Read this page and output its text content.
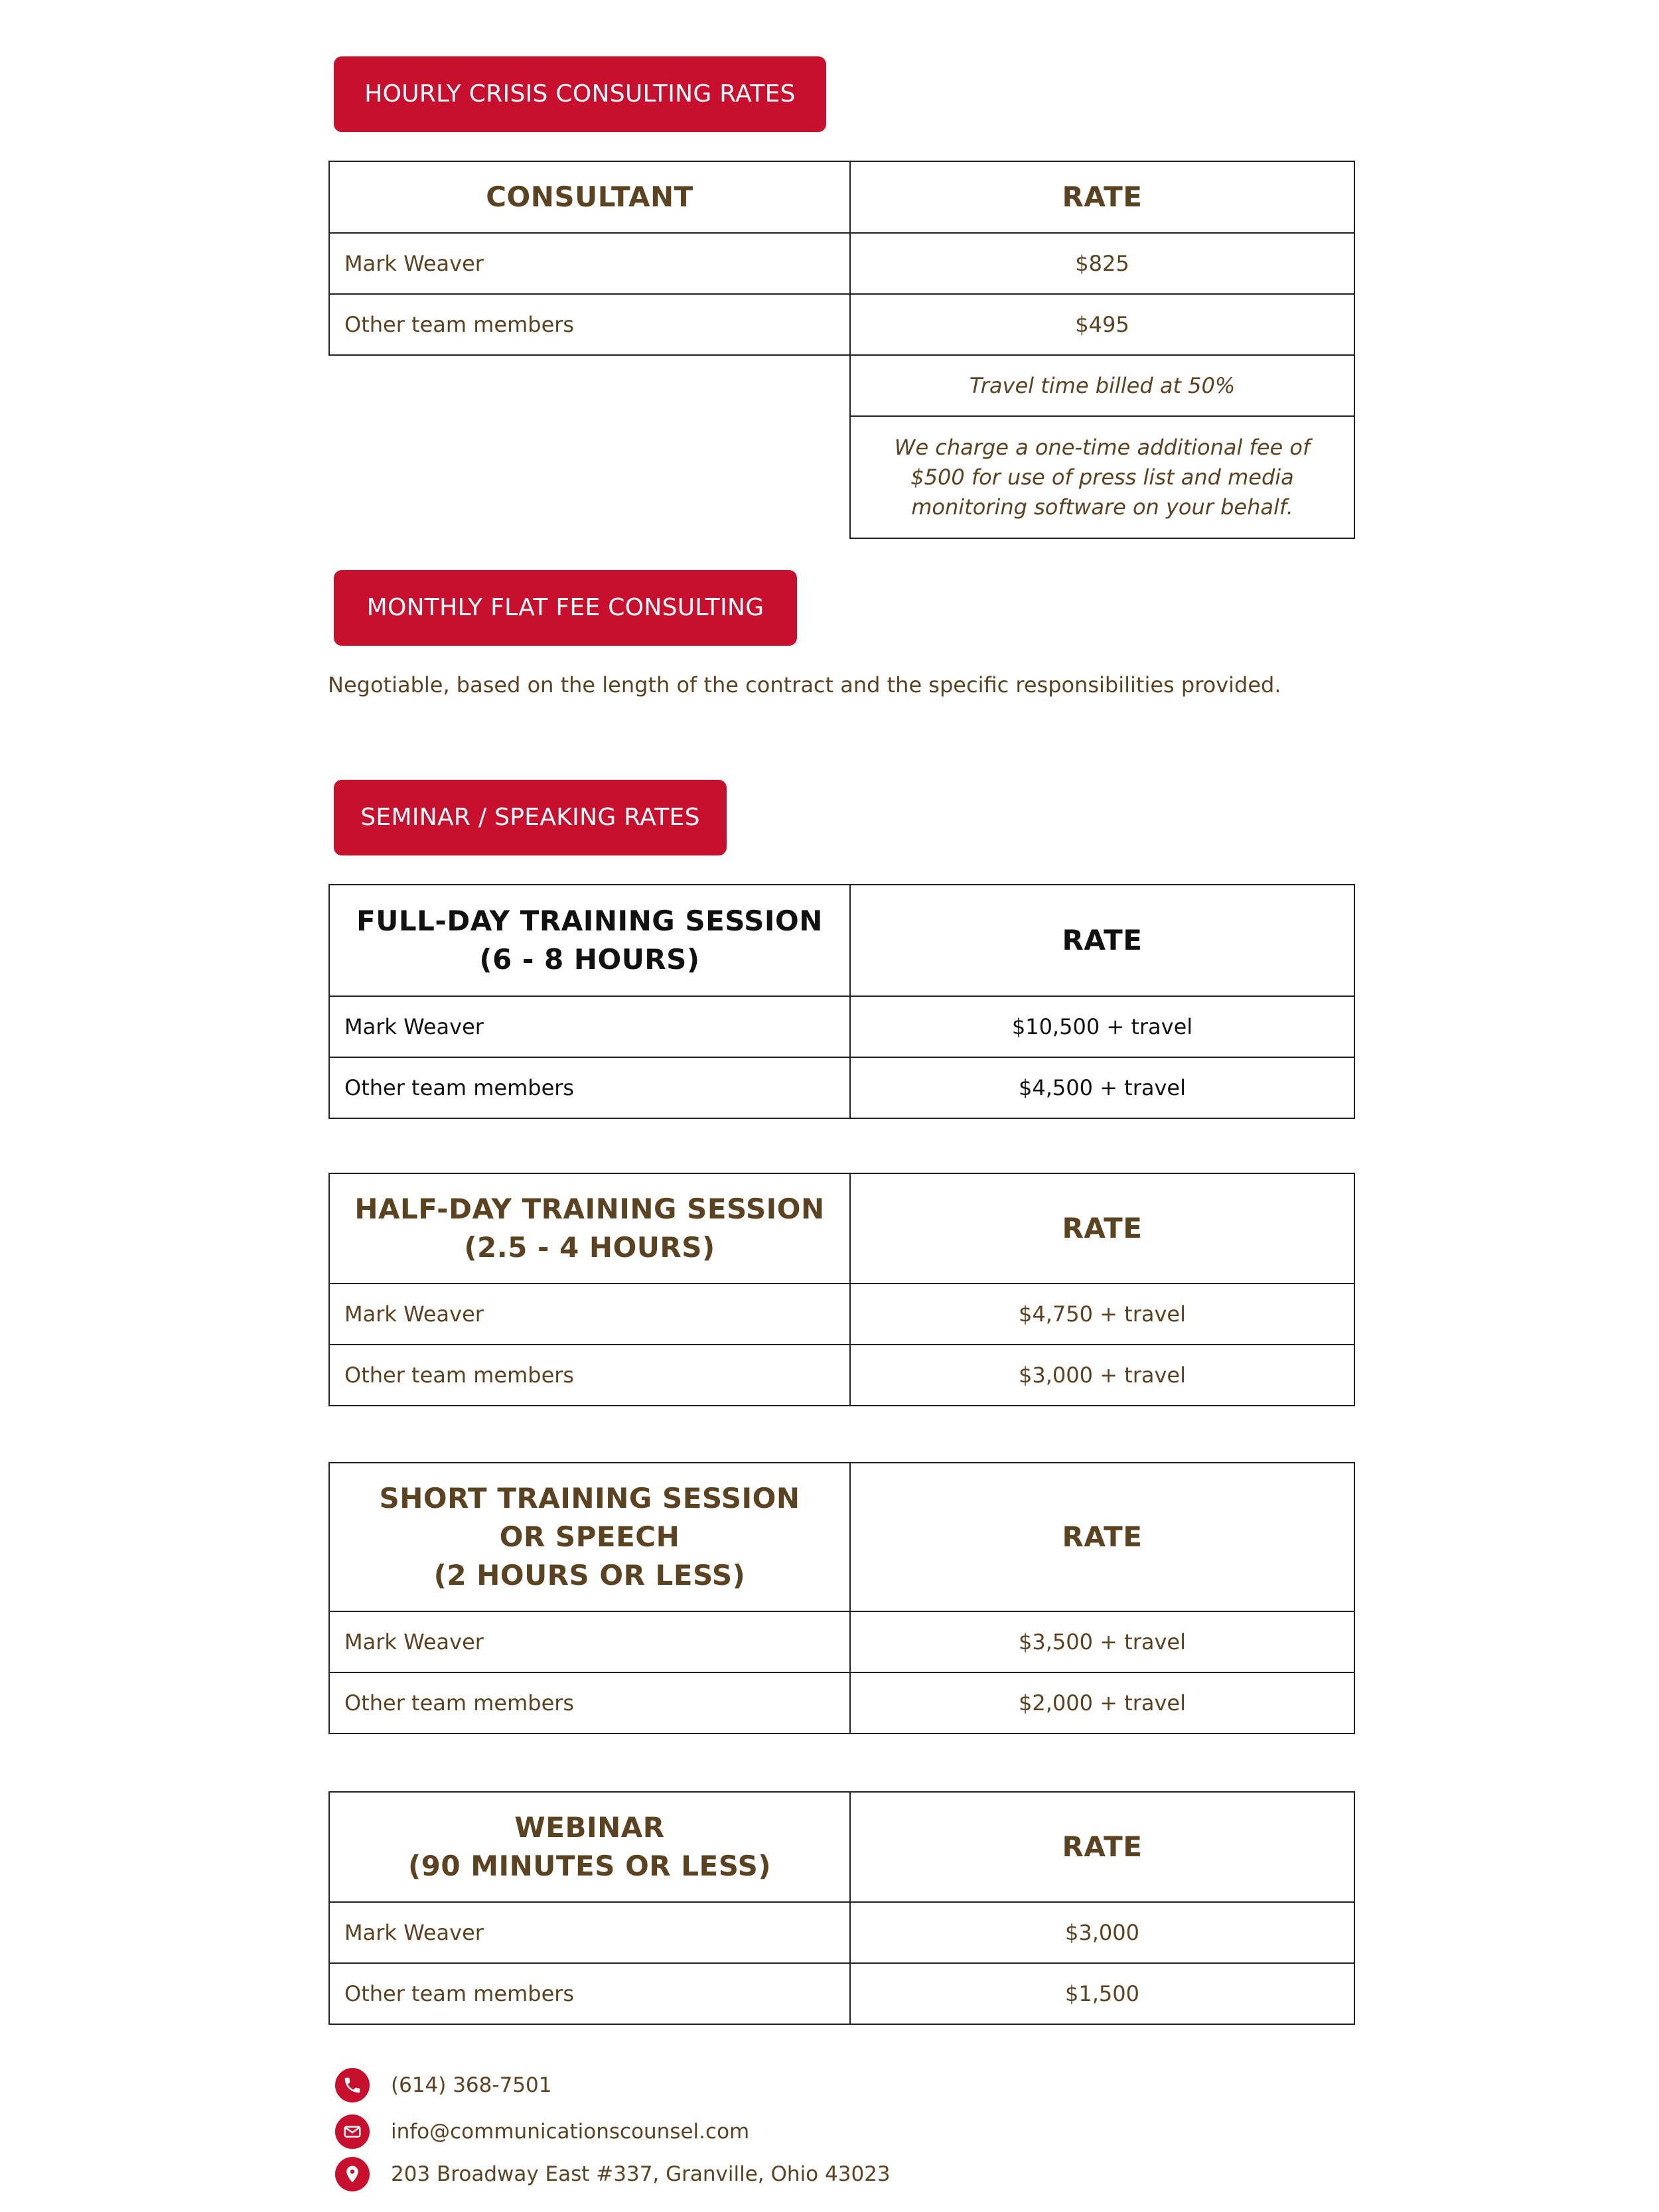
HOURLY CRISIS CONSULTING RATES
CONSULTANT	RATE
Mark Weaver	$825
Other team members	$495
	Travel time billed at 50%
	We charge a one-time additional fee of $500 for use of press list and media monitoring software on your behalf.
MONTHLY FLAT FEE CONSULTING
Negotiable, based on the length of the contract and the specific responsibilities provided.
SEMINAR / SPEAKING RATES
FULL-DAY TRAINING SESSION
(6 - 8 HOURS)	RATE
Mark Weaver	$10,500 + travel
Other team members	$4,500 + travel
HALF-DAY TRAINING SESSION
(2.5 - 4 HOURS)	RATE
Mark Weaver	$4,750 + travel
Other team members	$3,000 + travel
SHORT TRAINING SESSION
OR SPEECH
(2 HOURS OR LESS)	RATE
Mark Weaver	$3,500 + travel
Other team members	$2,000 + travel
WEBINAR
(90 MINUTES OR LESS)	RATE
Mark Weaver	$3,000
Other team members	$1,500
(614) 368-7501
info@communicationscounsel.com
203 Broadway East #337, Granville, Ohio 43023
